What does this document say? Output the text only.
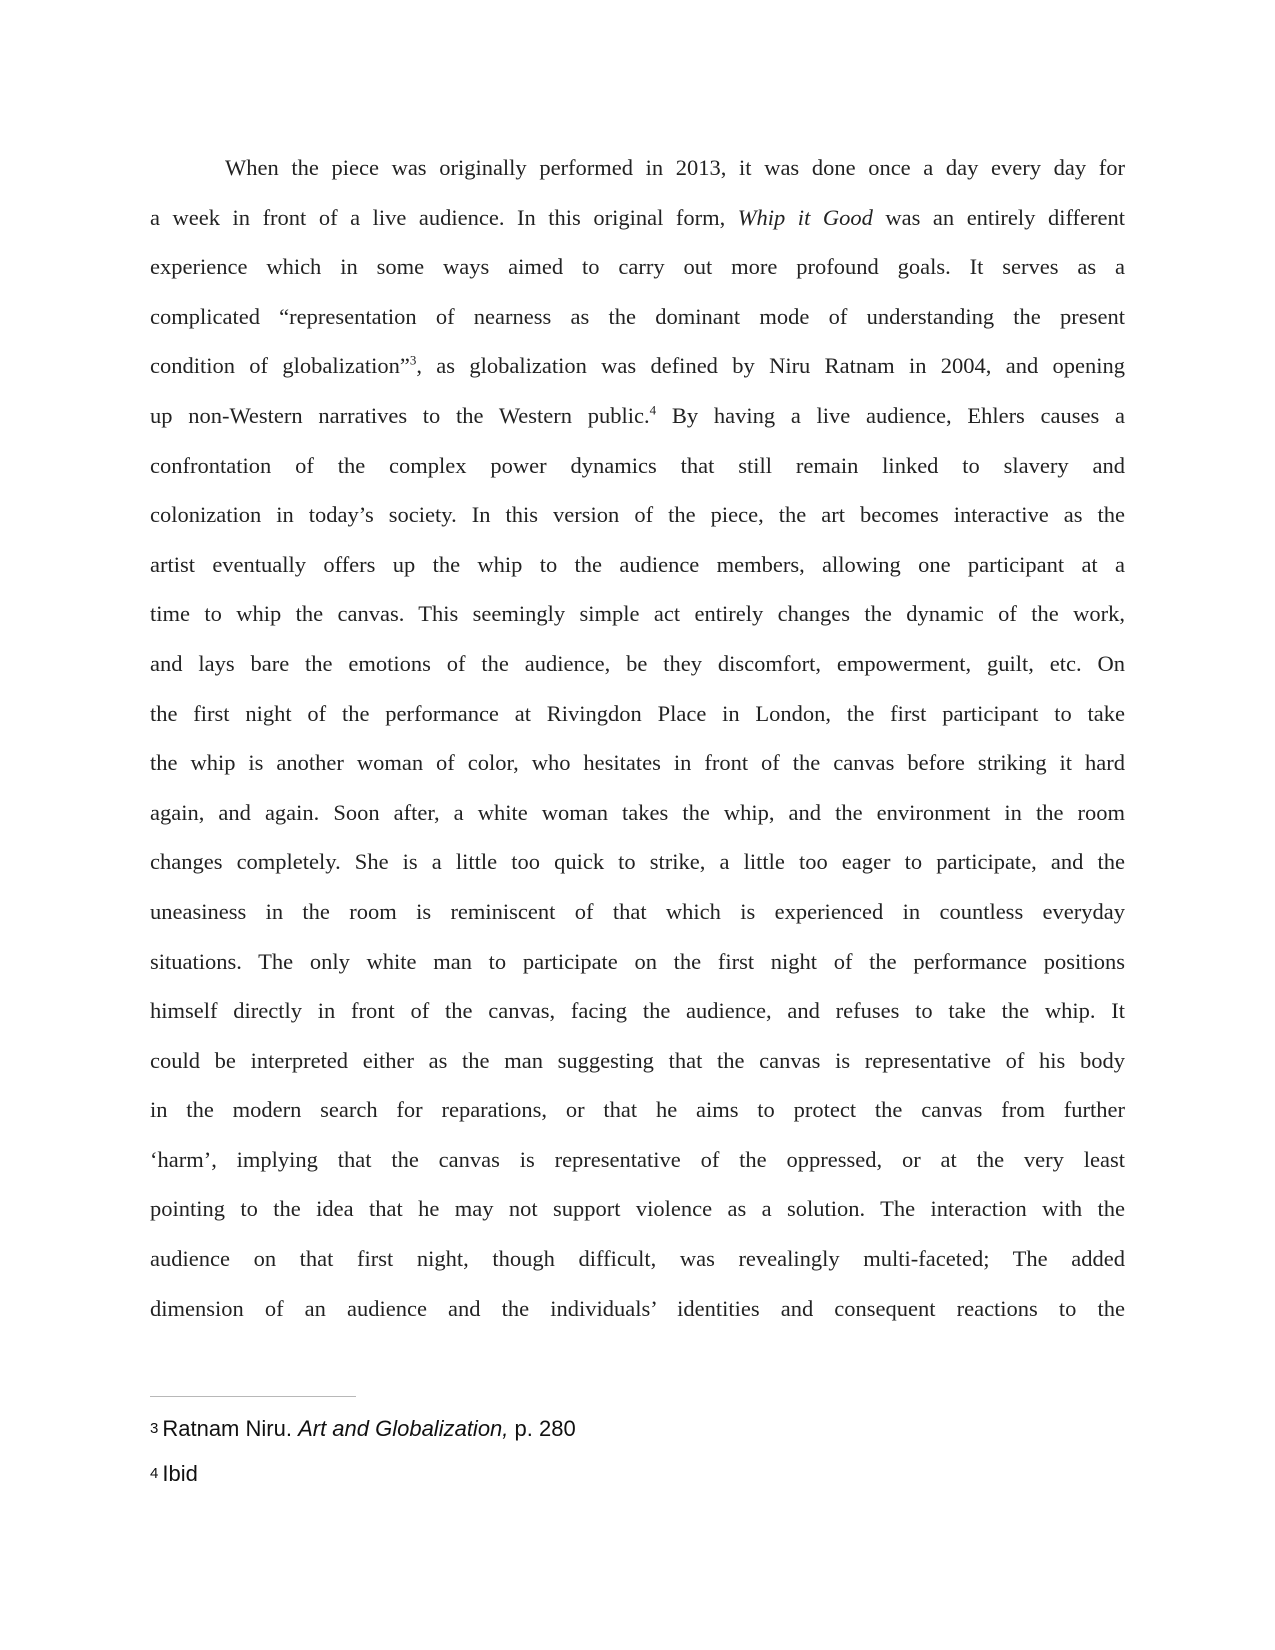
When the piece was originally performed in 2013, it was done once a day every day for
a week in front of a live audience. In this original form, Whip it Good was an entirely different
experience which in some ways aimed to carry out more profound goals. It serves as a
complicated “representation of nearness as the dominant mode of understanding the present
condition of globalization”$^3$, as globalization was defined by Niru Ratnam in 2004, and opening
up non-Western narratives to the Western public.$^4$ By having a live audience, Ehlers causes a
confrontation of the complex power dynamics that still remain linked to slavery and
colonization in today’s society. In this version of the piece, the art becomes interactive as the
artist eventually offers up the whip to the audience members, allowing one participant at a
time to whip the canvas. This seemingly simple act entirely changes the dynamic of the work,
and lays bare the emotions of the audience, be they discomfort, empowerment, guilt, etc. On
the first night of the performance at Rivingdon Place in London, the first participant to take
the whip is another woman of color, who hesitates in front of the canvas before striking it hard
again, and again. Soon after, a white woman takes the whip, and the environment in the room
changes completely. She is a little too quick to strike, a little too eager to participate, and the
uneasiness in the room is reminiscent of that which is experienced in countless everyday
situations. The only white man to participate on the first night of the performance positions
himself directly in front of the canvas, facing the audience, and refuses to take the whip. It
could be interpreted either as the man suggesting that the canvas is representative of his body
in the modern search for reparations, or that he aims to protect the canvas from further
‘harm’, implying that the canvas is representative of the oppressed, or at the very least
pointing to the idea that he may not support violence as a solution. The interaction with the
audience on that first night, though difficult, was revealingly multi-faceted; The added
dimension of an audience and the individuals’ identities and consequent reactions to the
3 Ratnam Niru. Art and Globalization, p. 280
4 Ibid
